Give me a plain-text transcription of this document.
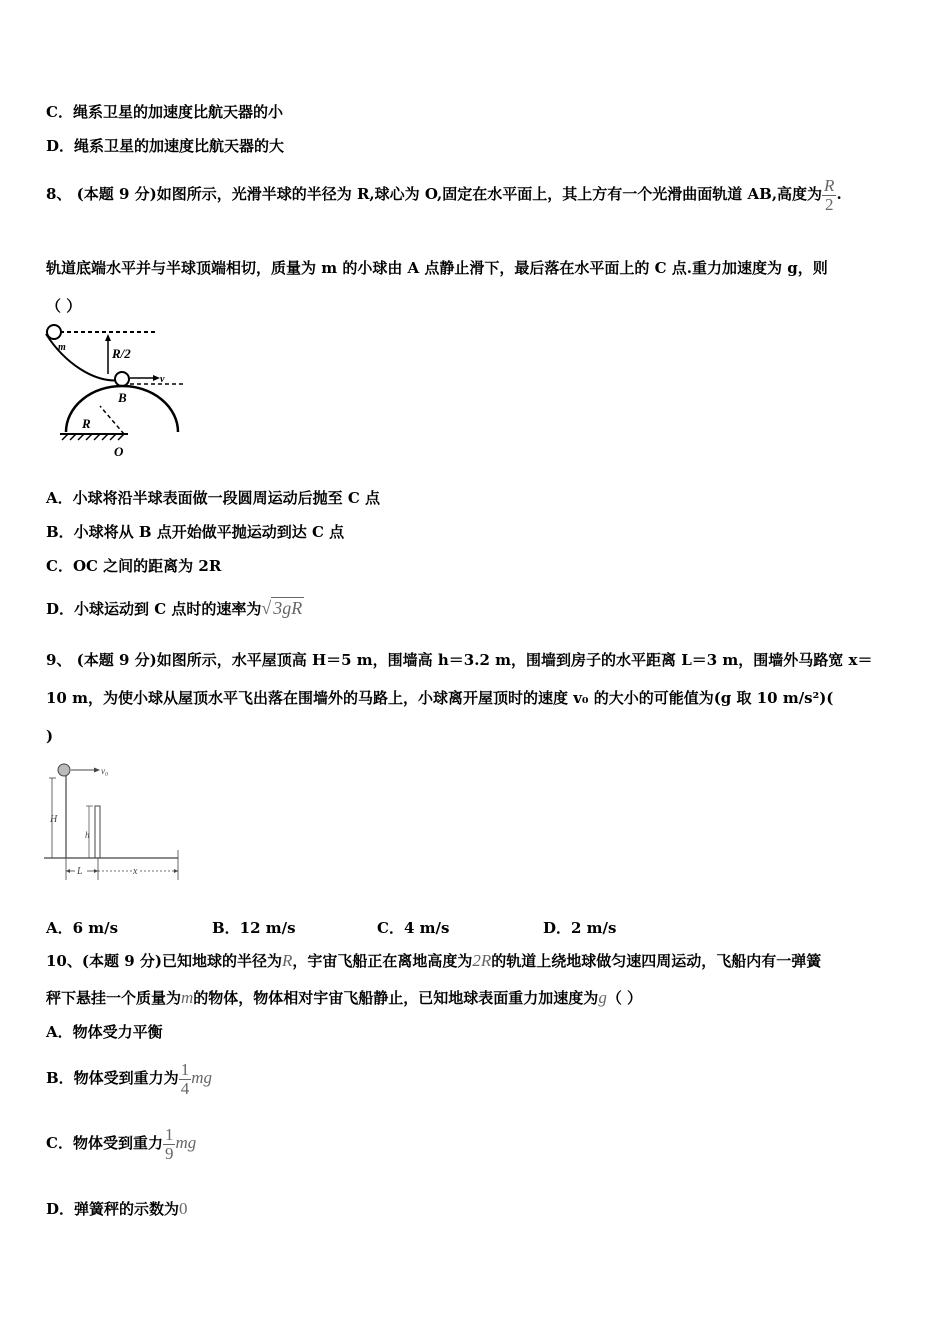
C．绳系卫星的加速度比航天器的小
D．绳系卫星的加速度比航天器的大
8、 (本题 9 分)如图所示，光滑半球的半径为 R,球心为 O,固定在水平面上，其上方有一个光滑曲面轨道 AB,高度为 $\frac{R}{2}$ .
轨道底端水平并与半球顶端相切，质量为 m 的小球由 A 点静止滑下，最后落在水平面上的 C 点.重力加速度为 g，则
（ ）
m	R/2
v
B
R
O
A．小球将沿半球表面做一段圆周运动后抛至 C 点
B．小球将从 B 点开始做平抛运动到达 C 点
C．OC 之间的距离为 2R
D．小球运动到 C 点时的速率为√ 3gR
9、 (本题 9 分)如图所示，水平屋顶高 H＝5 m，围墙高 h＝3.2 m，围墙到房子的水平距离 L＝3 m，围墙外马路宽 x＝
10 m，为使小球从屋顶水平飞出落在围墙外的马路上，小球离开屋顶时的速度 v₀ 的大小的可能值为(g 取 10 m/s²)(
)
v₀
H
h
L	x
A．6 m/s	B．12 m/s	C．4 m/s	D．2 m/s
10、(本题 9 分)已知地球的半径为R，宇宙飞船正在离地高度为2R的轨道上绕地球做匀速四周运动，飞船内有一弹簧
秤下悬挂一个质量为m的物体，物体相对宇宙飞船静止，已知地球表面重力加速度为g（ ）
A．物体受力平衡
B．物体受到重力为 $\frac{1}{4}$ mg
C．物体受到重力 $\frac{1}{9}$ mg
D．弹簧秤的示数为0
